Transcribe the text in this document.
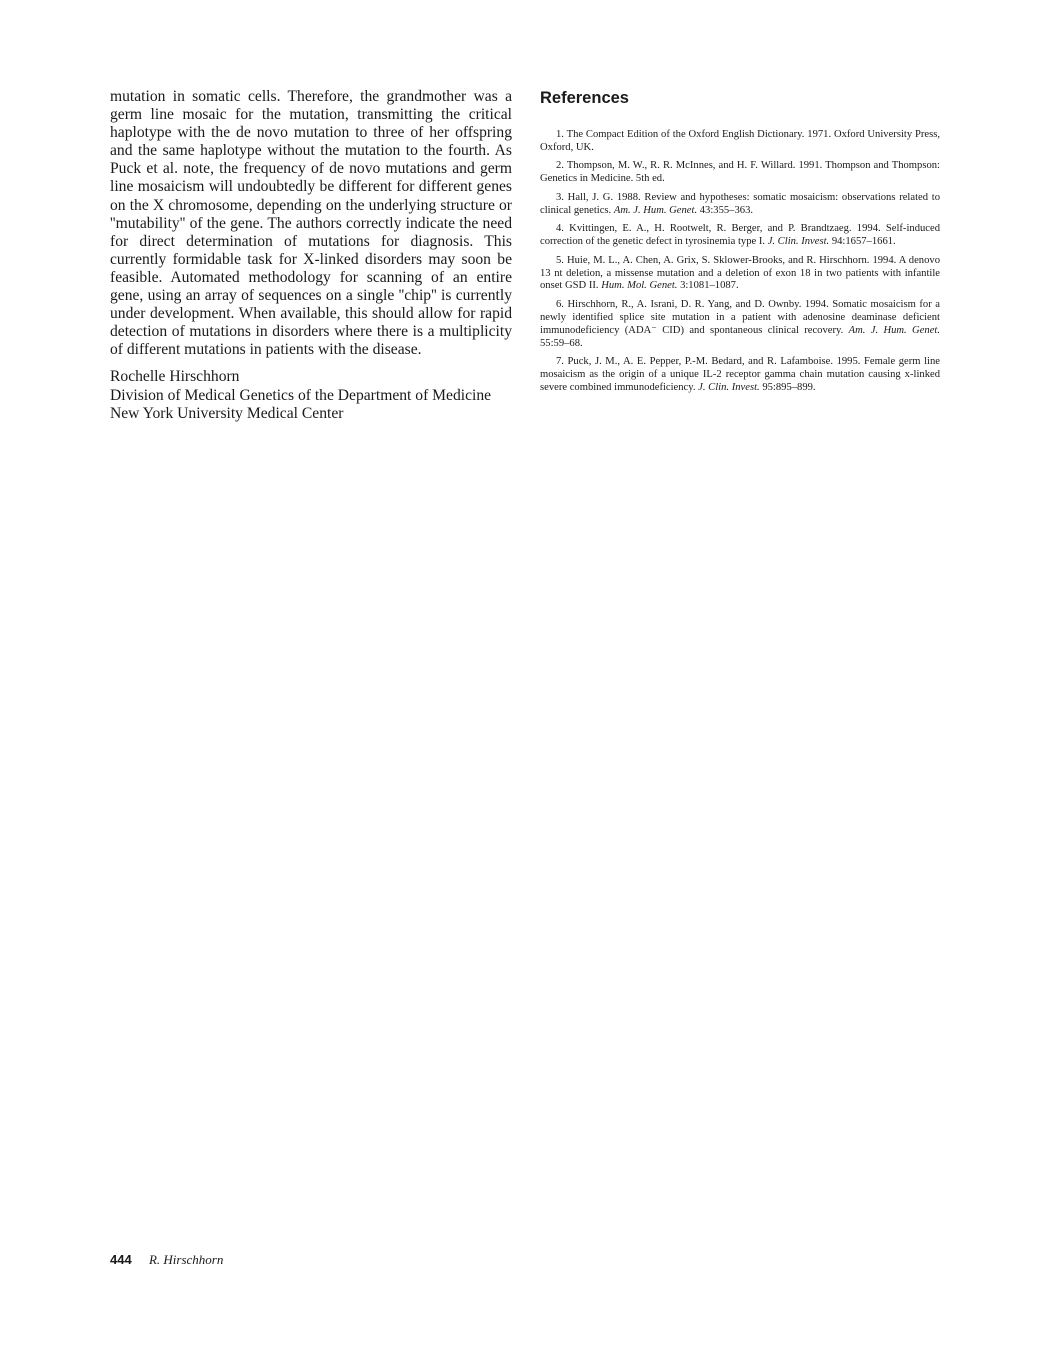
mutation in somatic cells. Therefore, the grandmother was a germ line mosaic for the mutation, transmitting the critical haplotype with the de novo mutation to three of her offspring and the same haplotype without the mutation to the fourth. As Puck et al. note, the frequency of de novo mutations and germ line mosaicism will undoubtedly be different for different genes on the X chromosome, depending on the underlying structure or ''mutability'' of the gene. The authors correctly indicate the need for direct determination of mutations for diagnosis. This currently formidable task for X-linked disorders may soon be feasible. Automated methodology for scanning of an entire gene, using an array of sequences on a single ''chip'' is currently under development. When available, this should allow for rapid detection of mutations in disorders where there is a multiplicity of different mutations in patients with the disease.

Rochelle Hirschhorn
Division of Medical Genetics of the Department of Medicine
New York University Medical Center
References
1. The Compact Edition of the Oxford English Dictionary. 1971. Oxford University Press, Oxford, UK.
2. Thompson, M. W., R. R. McInnes, and H. F. Willard. 1991. Thompson and Thompson: Genetics in Medicine. 5th ed.
3. Hall, J. G. 1988. Review and hypotheses: somatic mosaicism: observations related to clinical genetics. Am. J. Hum. Genet. 43:355–363.
4. Kvittingen, E. A., H. Rootwelt, R. Berger, and P. Brandtzaeg. 1994. Self-induced correction of the genetic defect in tyrosinemia type I. J. Clin. Invest. 94:1657–1661.
5. Huie, M. L., A. Chen, A. Grix, S. Sklower-Brooks, and R. Hirschhorn. 1994. A denovo 13 nt deletion, a missense mutation and a deletion of exon 18 in two patients with infantile onset GSD II. Hum. Mol. Genet. 3:1081–1087.
6. Hirschhorn, R., A. Israni, D. R. Yang, and D. Ownby. 1994. Somatic mosaicism for a newly identified splice site mutation in a patient with adenosine deaminase deficient immunodeficiency (ADA⁻ CID) and spontaneous clinical recovery. Am. J. Hum. Genet. 55:59–68.
7. Puck, J. M., A. E. Pepper, P.-M. Bedard, and R. Lafamboise. 1995. Female germ line mosaicism as the origin of a unique IL-2 receptor gamma chain mutation causing x-linked severe combined immunodeficiency. J. Clin. Invest. 95:895–899.
444 R. Hirschhorn
